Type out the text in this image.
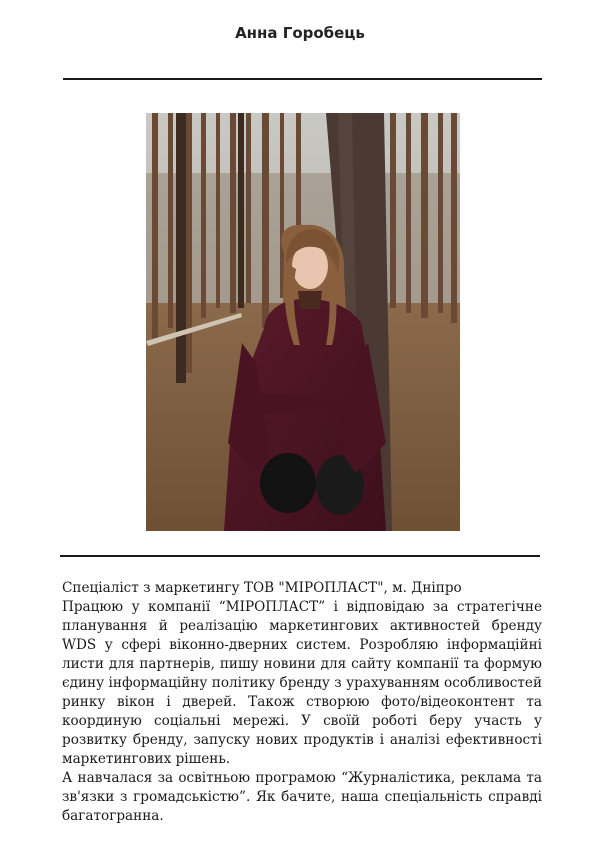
Анна Горобець

Спеціаліст з маркетингу ТОВ "МІРОПЛАСТ", м. Дніпро

Працюю у компанії “МІРОПЛАСТ” і відповідаю за стратегічне планування й реалізацію маркетингових активностей бренду WDS у сфері віконно-дверних систем. Розробляю інформаційні листи для партнерів, пишу новини для сайту компанії та формую єдину інформаційну політику бренду з урахуванням особливостей ринку вікон і дверей. Також створюю фото/відеоконтент та координую соціальні мережі. У своїй роботі беру участь у розвитку бренду, запуску нових продуктів і аналізі ефективності маркетингових рішень.

А навчалася за освітньою програмою “Журналістика, реклама та зв'язки з громадськістю”. Як бачите, наша спеціальність справді багатогранна.
